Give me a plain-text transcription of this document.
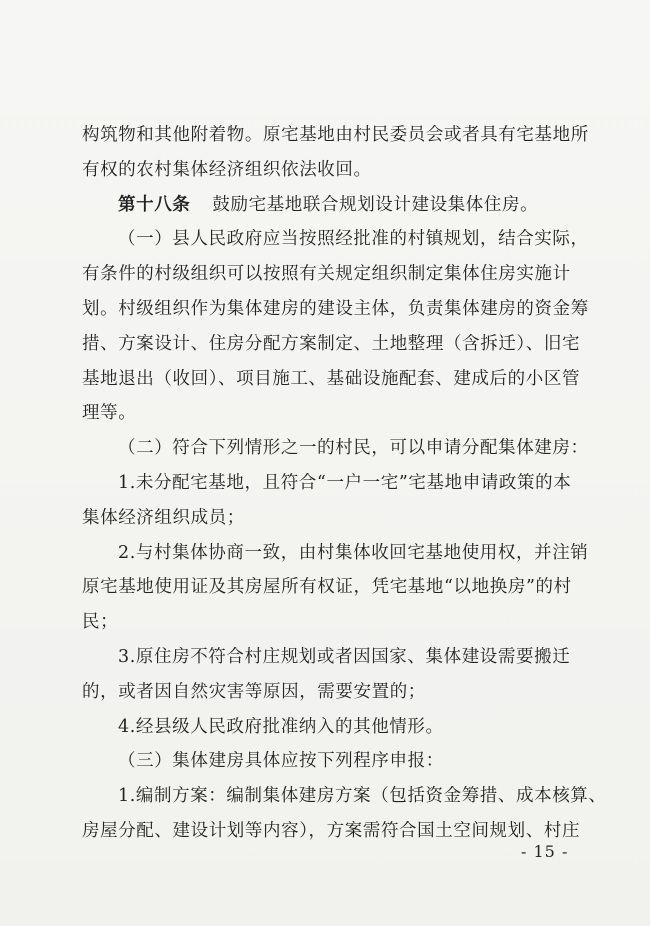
构筑物和其他附着物。原宅基地由村民委员会或者具有宅基地所

有权的农村集体经济组织依法收回。

第十八条 鼓励宅基地联合规划设计建设集体住房。

（一）县人民政府应当按照经批准的村镇规划，结合实际，

有条件的村级组织可以按照有关规定组织制定集体住房实施计

划。村级组织作为集体建房的建设主体，负责集体建房的资金筹

措、方案设计、住房分配方案制定、土地整理（含拆迁）、旧宅

基地退出（收回）、项目施工、基础设施配套、建成后的小区管

理等。

（二）符合下列情形之一的村民，可以申请分配集体建房：

1.未分配宅基地，且符合“一户一宅”宅基地申请政策的本

集体经济组织成员；

2.与村集体协商一致，由村集体收回宅基地使用权，并注销

原宅基地使用证及其房屋所有权证，凭宅基地“以地换房”的村

民；

3.原住房不符合村庄规划或者因国家、集体建设需要搬迁

的，或者因自然灾害等原因，需要安置的；

4.经县级人民政府批准纳入的其他情形。

（三）集体建房具体应按下列程序申报：

1.编制方案：编制集体建房方案（包括资金筹措、成本核算、

房屋分配、建设计划等内容），方案需符合国土空间规划、村庄

- 15 -
